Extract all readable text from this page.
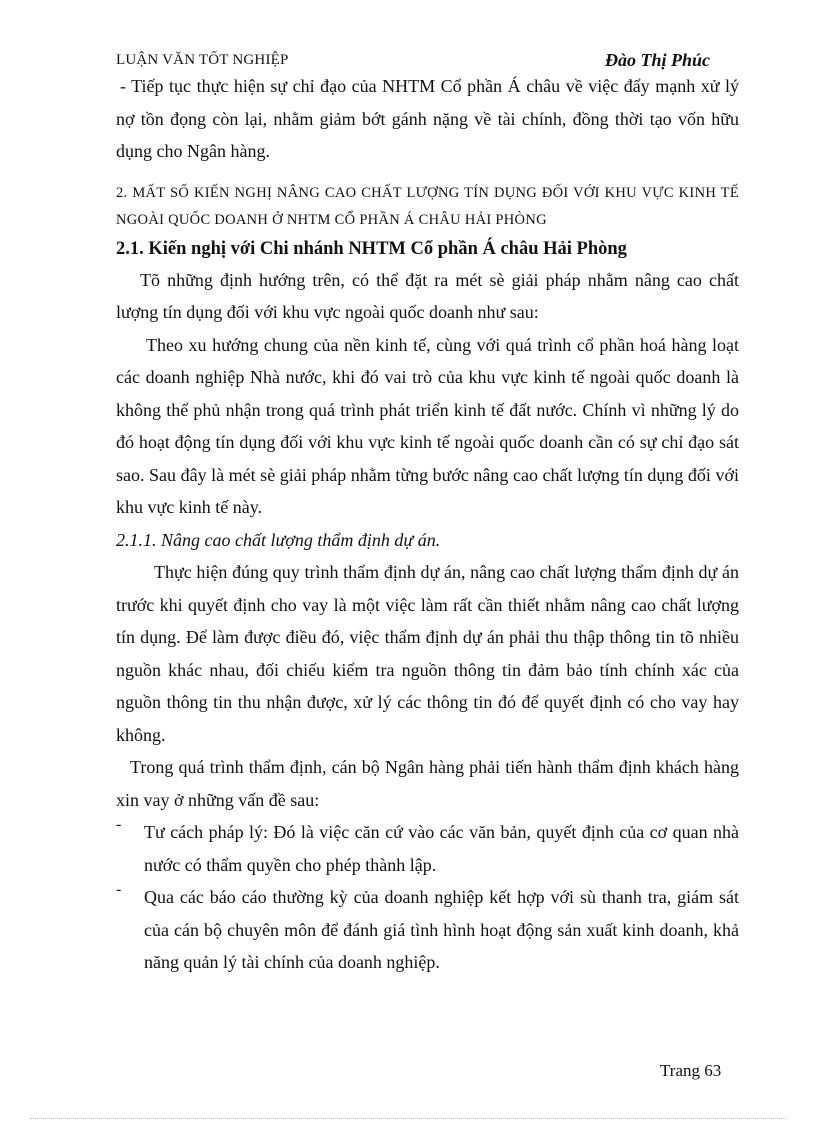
LUẬN VĂN TỐT NGHIỆP	Đào Thị Phúc

- Tiếp tục thực hiện sự chỉ đạo của NHTM Cổ phần Á châu về việc đẩy mạnh xử lý nợ tồn đọng còn lại, nhằm giảm bớt gánh nặng về tài chính, đồng thời tạo vốn hữu dụng cho Ngân hàng.

2. MẤT SỐ KIẾN NGHỊ NÂNG CAO CHẤT LƯỢNG TÍN DỤNG ĐỐI VỚI KHU VỰC KINH TẾ NGOÀI QUỐC DOANH Ở NHTM CỔ PHẦN Á CHÂU HẢI PHÒNG

2.1. Kiến nghị với Chi nhánh NHTM Cổ phần Á châu Hải Phòng

Tõ những định hướng trên, có thể đặt ra mét sè giải pháp nhằm nâng cao chất lượng tín dụng đối với khu vực ngoài quốc doanh như sau:

Theo xu hướng chung của nền kinh tế, cùng với quá trình cổ phần hoá hàng loạt các doanh nghiệp Nhà nước, khi đó vai trò của khu vực kinh tế ngoài quốc doanh là không thể phủ nhận trong quá trình phát triển kinh tế đất nước. Chính vì những lý do đó hoạt động tín dụng đối với khu vực kinh tế ngoài quốc doanh cần có sự chỉ đạo sát sao. Sau đây là mét sè giải pháp nhằm từng bước nâng cao chất lượng tín dụng đối với khu vực kinh tế này.

2.1.1. Nâng cao chất lượng thẩm định dự án.

Thực hiện đúng quy trình thẩm định dự án, nâng cao chất lượng thẩm định dự án trước khi quyết định cho vay là một việc làm rất cần thiết nhằm nâng cao chất lượng tín dụng. Để làm được điều đó, việc thẩm định dự án phải thu thập thông tin tõ nhiều nguồn khác nhau, đối chiếu kiểm tra nguồn thông tin đảm bảo tính chính xác của nguồn thông tin thu nhận được, xử lý các thông tin đó để quyết định có cho vay hay không.

Trong quá trình thẩm định, cán bộ Ngân hàng phải tiến hành thẩm định khách hàng xin vay ở những vấn đề sau:

-	Tư cách pháp lý: Đó là việc căn cứ vào các văn bản, quyết định của cơ quan nhà nước có thẩm quyền cho phép thành lập.

-	Qua các báo cáo thường kỳ của doanh nghiệp kết hợp với sù thanh tra, giám sát của cán bộ chuyên môn để đánh giá tình hình hoạt động sản xuất kinh doanh, khả năng quản lý tài chính của doanh nghiệp.

Trang 63
